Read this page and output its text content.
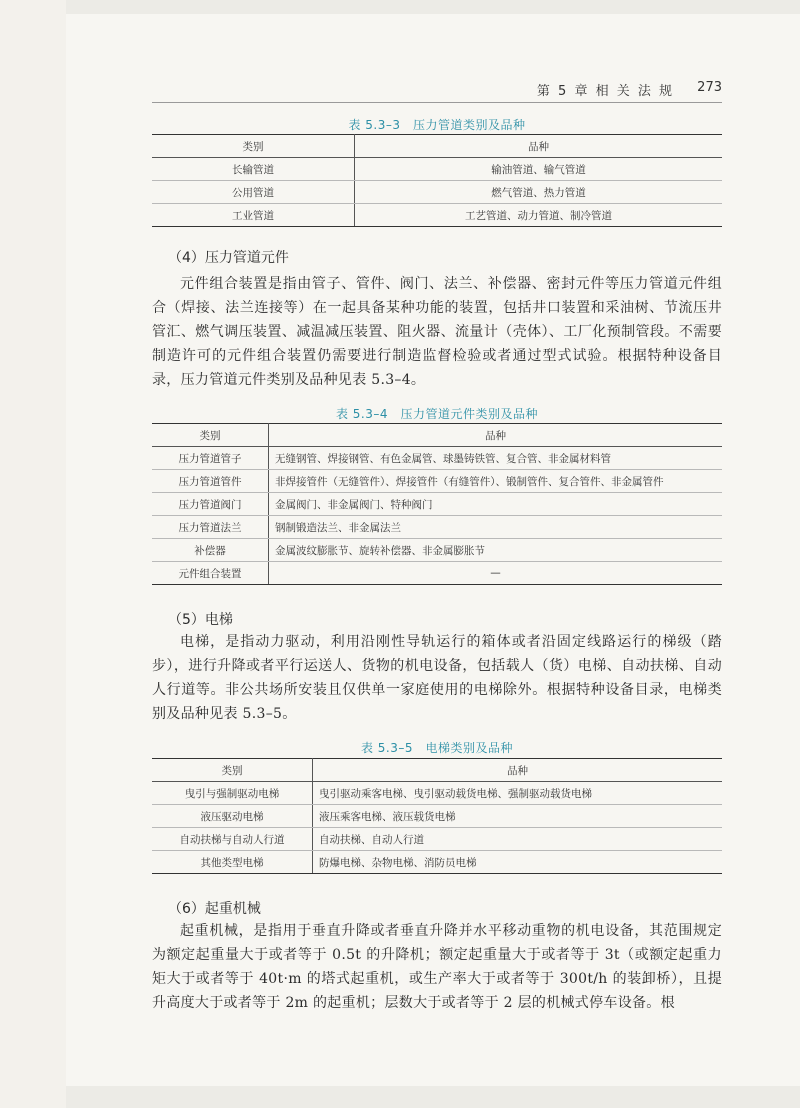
第 5 章 相 关 法 规 273
表 5.3–3　压力管道类别及品种
类别	品种
长输管道	输油管道、输气管道
公用管道	燃气管道、热力管道
工业管道	工艺管道、动力管道、制冷管道
（4）压力管道元件

元件组合装置是指由管子、管件、阀门、法兰、补偿器、密封元件等压力管道元件组合（焊接、法兰连接等）在一起具备某种功能的装置，包括井口装置和采油树、节流压井管汇、燃气调压装置、减温减压装置、阻火器、流量计（壳体）、工厂化预制管段。不需要制造许可的元件组合装置仍需要进行制造监督检验或者通过型式试验。根据特种设备目录，压力管道元件类别及品种见表 5.3–4。

表 5.3–4　压力管道元件类别及品种
类别	品种
压力管道管子	无缝钢管、焊接钢管、有色金属管、球墨铸铁管、复合管、非金属材料管
压力管道管件	非焊接管件（无缝管件）、焊接管件（有缝管件）、锻制管件、复合管件、非金属管件
压力管道阀门	金属阀门、非金属阀门、特种阀门
压力管道法兰	钢制锻造法兰、非金属法兰
补偿器	金属波纹膨胀节、旋转补偿器、非金属膨胀节
元件组合装置	—
（5）电梯

电梯，是指动力驱动，利用沿刚性导轨运行的箱体或者沿固定线路运行的梯级（踏步），进行升降或者平行运送人、货物的机电设备，包括载人（货）电梯、自动扶梯、自动人行道等。非公共场所安装且仅供单一家庭使用的电梯除外。根据特种设备目录，电梯类别及品种见表 5.3–5。

表 5.3–5　电梯类别及品种
类别	品种
曳引与强制驱动电梯	曳引驱动乘客电梯、曳引驱动载货电梯、强制驱动载货电梯
液压驱动电梯	液压乘客电梯、液压载货电梯
自动扶梯与自动人行道	自动扶梯、自动人行道
其他类型电梯	防爆电梯、杂物电梯、消防员电梯
（6）起重机械

起重机械，是指用于垂直升降或者垂直升降并水平移动重物的机电设备，其范围规定为额定起重量大于或者等于 0.5t 的升降机；额定起重量大于或者等于 3t（或额定起重力矩大于或者等于 40t·m 的塔式起重机，或生产率大于或者等于 300t/h 的装卸桥），且提升高度大于或者等于 2m 的起重机；层数大于或者等于 2 层的机械式停车设备。根
